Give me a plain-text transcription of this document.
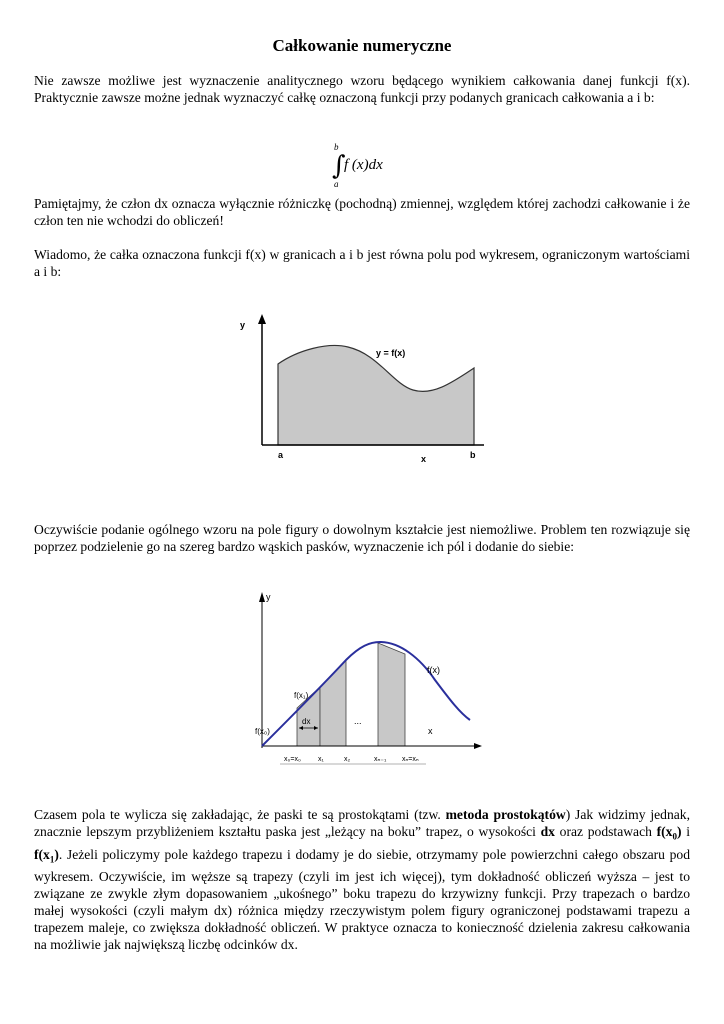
Całkowanie numeryczne
Nie zawsze możliwe jest wyznaczenie analitycznego wzoru będącego wynikiem całkowania danej funkcji f(x). Praktycznie zawsze możne jednak wyznaczyć całkę oznaczoną funkcji przy podanych granicach całkowania a i b:
b
∫
f (x)dx
a
Pamiętajmy, że człon dx oznacza wyłącznie różniczkę (pochodną) zmiennej, względem której zachodzi całkowanie i że człon ten nie wchodzi do obliczeń!
Wiadomo, że całka oznaczona funkcji f(x) w granicach a i b jest równa polu pod wykresem, ograniczonym wartościami a i b:
y
y = f(x)
a	x	b
Oczywiście podanie ogólnego wzoru na pole figury o dowolnym kształcie jest niemożliwe. Problem ten rozwiązuje się poprzez podzielenie go na szereg bardzo wąskich pasków, wyznaczenie ich pól i dodanie do siebie:
dx
y
f(x)
f(x₁)
f(x₀)
...
x
x₀=x₀ x₁	x₂	xₙ₋₁ xₙ=xₙ
Czasem pola te wylicza się zakładając, że paski te są prostokątami (tzw. metoda prostokątów) Jak widzimy jednak, znacznie lepszym przybliżeniem kształtu paska jest „leżący na boku” trapez, o wysokości dx oraz podstawach $f(x_0)$ i $f(x_1)$. Jeżeli policzymy pole każdego trapezu i dodamy je do siebie, otrzymamy pole powierzchni całego obszaru pod wykresem. Oczywiście, im węższe są trapezy (czyli im jest ich więcej), tym dokładność obliczeń wyższa – jest to związane ze zwykle złym dopasowaniem „ukośnego” boku trapezu do krzywizny funkcji. Przy trapezach o bardzo małej wysokości (czyli małym dx) różnica między rzeczywistym polem figury ograniczonej podstawami trapezu a trapezem maleje, co zwiększa dokładność obliczeń. W praktyce oznacza to konieczność dzielenia zakresu całkowania na możliwie jak największą liczbę odcinków dx.
